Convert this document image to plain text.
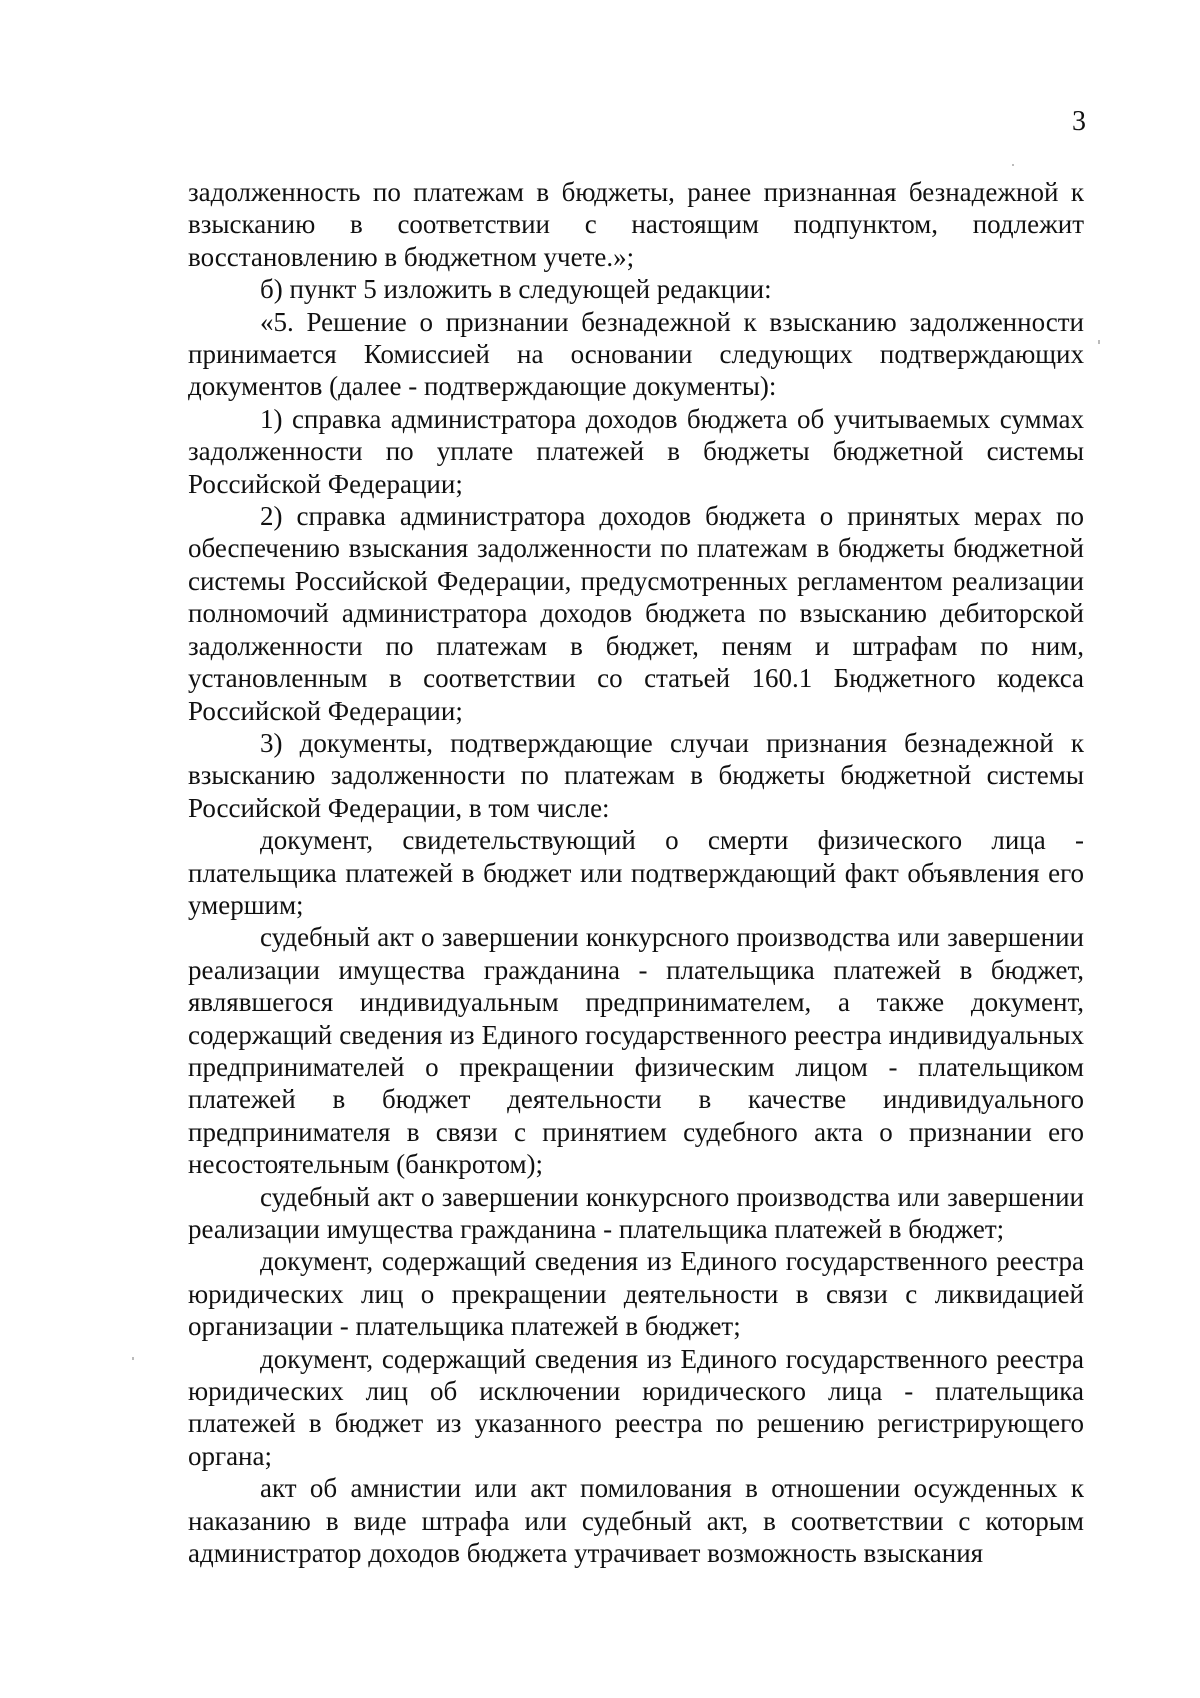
3

задолженность по платежам в бюджеты, ранее признанная безнадежной к взысканию в соответствии с настоящим подпунктом, подлежит восстановлению в бюджетном учете.»;

б) пункт 5 изложить в следующей редакции:

«5. Решение о признании безнадежной к взысканию задолженности принимается Комиссией на основании следующих подтверждающих документов (далее - подтверждающие документы):

1) справка администратора доходов бюджета об учитываемых суммах задолженности по уплате платежей в бюджеты бюджетной системы Российской Федерации;

2) справка администратора доходов бюджета о принятых мерах по обеспечению взыскания задолженности по платежам в бюджеты бюджетной системы Российской Федерации, предусмотренных регламентом реализации полномочий администратора доходов бюджета по взысканию дебиторской задолженности по платежам в бюджет, пеням и штрафам по ним, установленным в соответствии со статьей 160.1 Бюджетного кодекса Российской Федерации;

3) документы, подтверждающие случаи признания безнадежной к взысканию задолженности по платежам в бюджеты бюджетной системы Российской Федерации, в том числе:

документ, свидетельствующий о смерти физического лица - плательщика платежей в бюджет или подтверждающий факт объявления его умершим;

судебный акт о завершении конкурсного производства или завершении реализации имущества гражданина - плательщика платежей в бюджет, являвшегося индивидуальным предпринимателем, а также документ, содержащий сведения из Единого государственного реестра индивидуальных предпринимателей о прекращении физическим лицом - плательщиком платежей в бюджет деятельности в качестве индивидуального предпринимателя в связи с принятием судебного акта о признании его несостоятельным (банкротом);

судебный акт о завершении конкурсного производства или завершении реализации имущества гражданина - плательщика платежей в бюджет;

документ, содержащий сведения из Единого государственного реестра юридических лиц о прекращении деятельности в связи с ликвидацией организации - плательщика платежей в бюджет;

документ, содержащий сведения из Единого государственного реестра юридических лиц об исключении юридического лица - плательщика платежей в бюджет из указанного реестра по решению регистрирующего органа;

акт об амнистии или акт помилования в отношении осужденных к наказанию в виде штрафа или судебный акт, в соответствии с которым администратор доходов бюджета утрачивает возможность взыскания
